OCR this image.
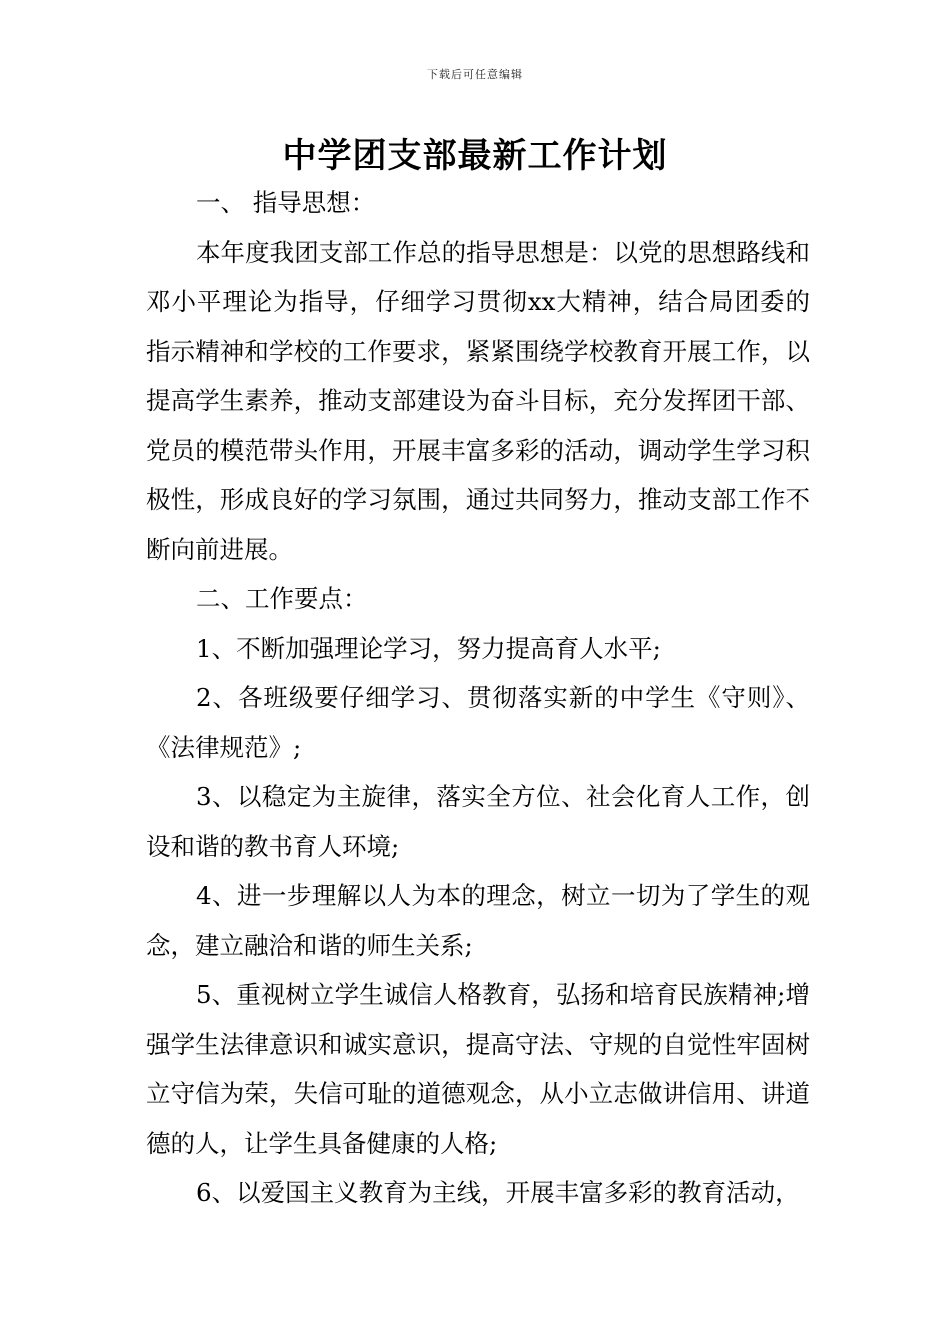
下载后可任意编辑
中学团支部最新工作计划

一、 指导思想：

本年度我团支部工作总的指导思想是：以党的思想路线和邓小平理论为指导，仔细学习贯彻xx大精神，结合局团委的指示精神和学校的工作要求，紧紧围绕学校教育开展工作，以提高学生素养，推动支部建设为奋斗目标，充分发挥团干部、党员的模范带头作用，开展丰富多彩的活动，调动学生学习积极性，形成良好的学习氛围，通过共同努力，推动支部工作不断向前进展。

二、工作要点：

1、不断加强理论学习，努力提高育人水平;

2、各班级要仔细学习、贯彻落实新的中学生《守则》、《法律规范》;

3、以稳定为主旋律，落实全方位、社会化育人工作，创设和谐的教书育人环境;

4、进一步理解以人为本的理念，树立一切为了学生的观念，建立融洽和谐的师生关系;

5、重视树立学生诚信人格教育，弘扬和培育民族精神;增强学生法律意识和诚实意识，提高守法、守规的自觉性牢固树立守信为荣，失信可耻的道德观念，从小立志做讲信用、讲道德的人，让学生具备健康的人格;

6、以爱国主义教育为主线，开展丰富多彩的教育活动，
